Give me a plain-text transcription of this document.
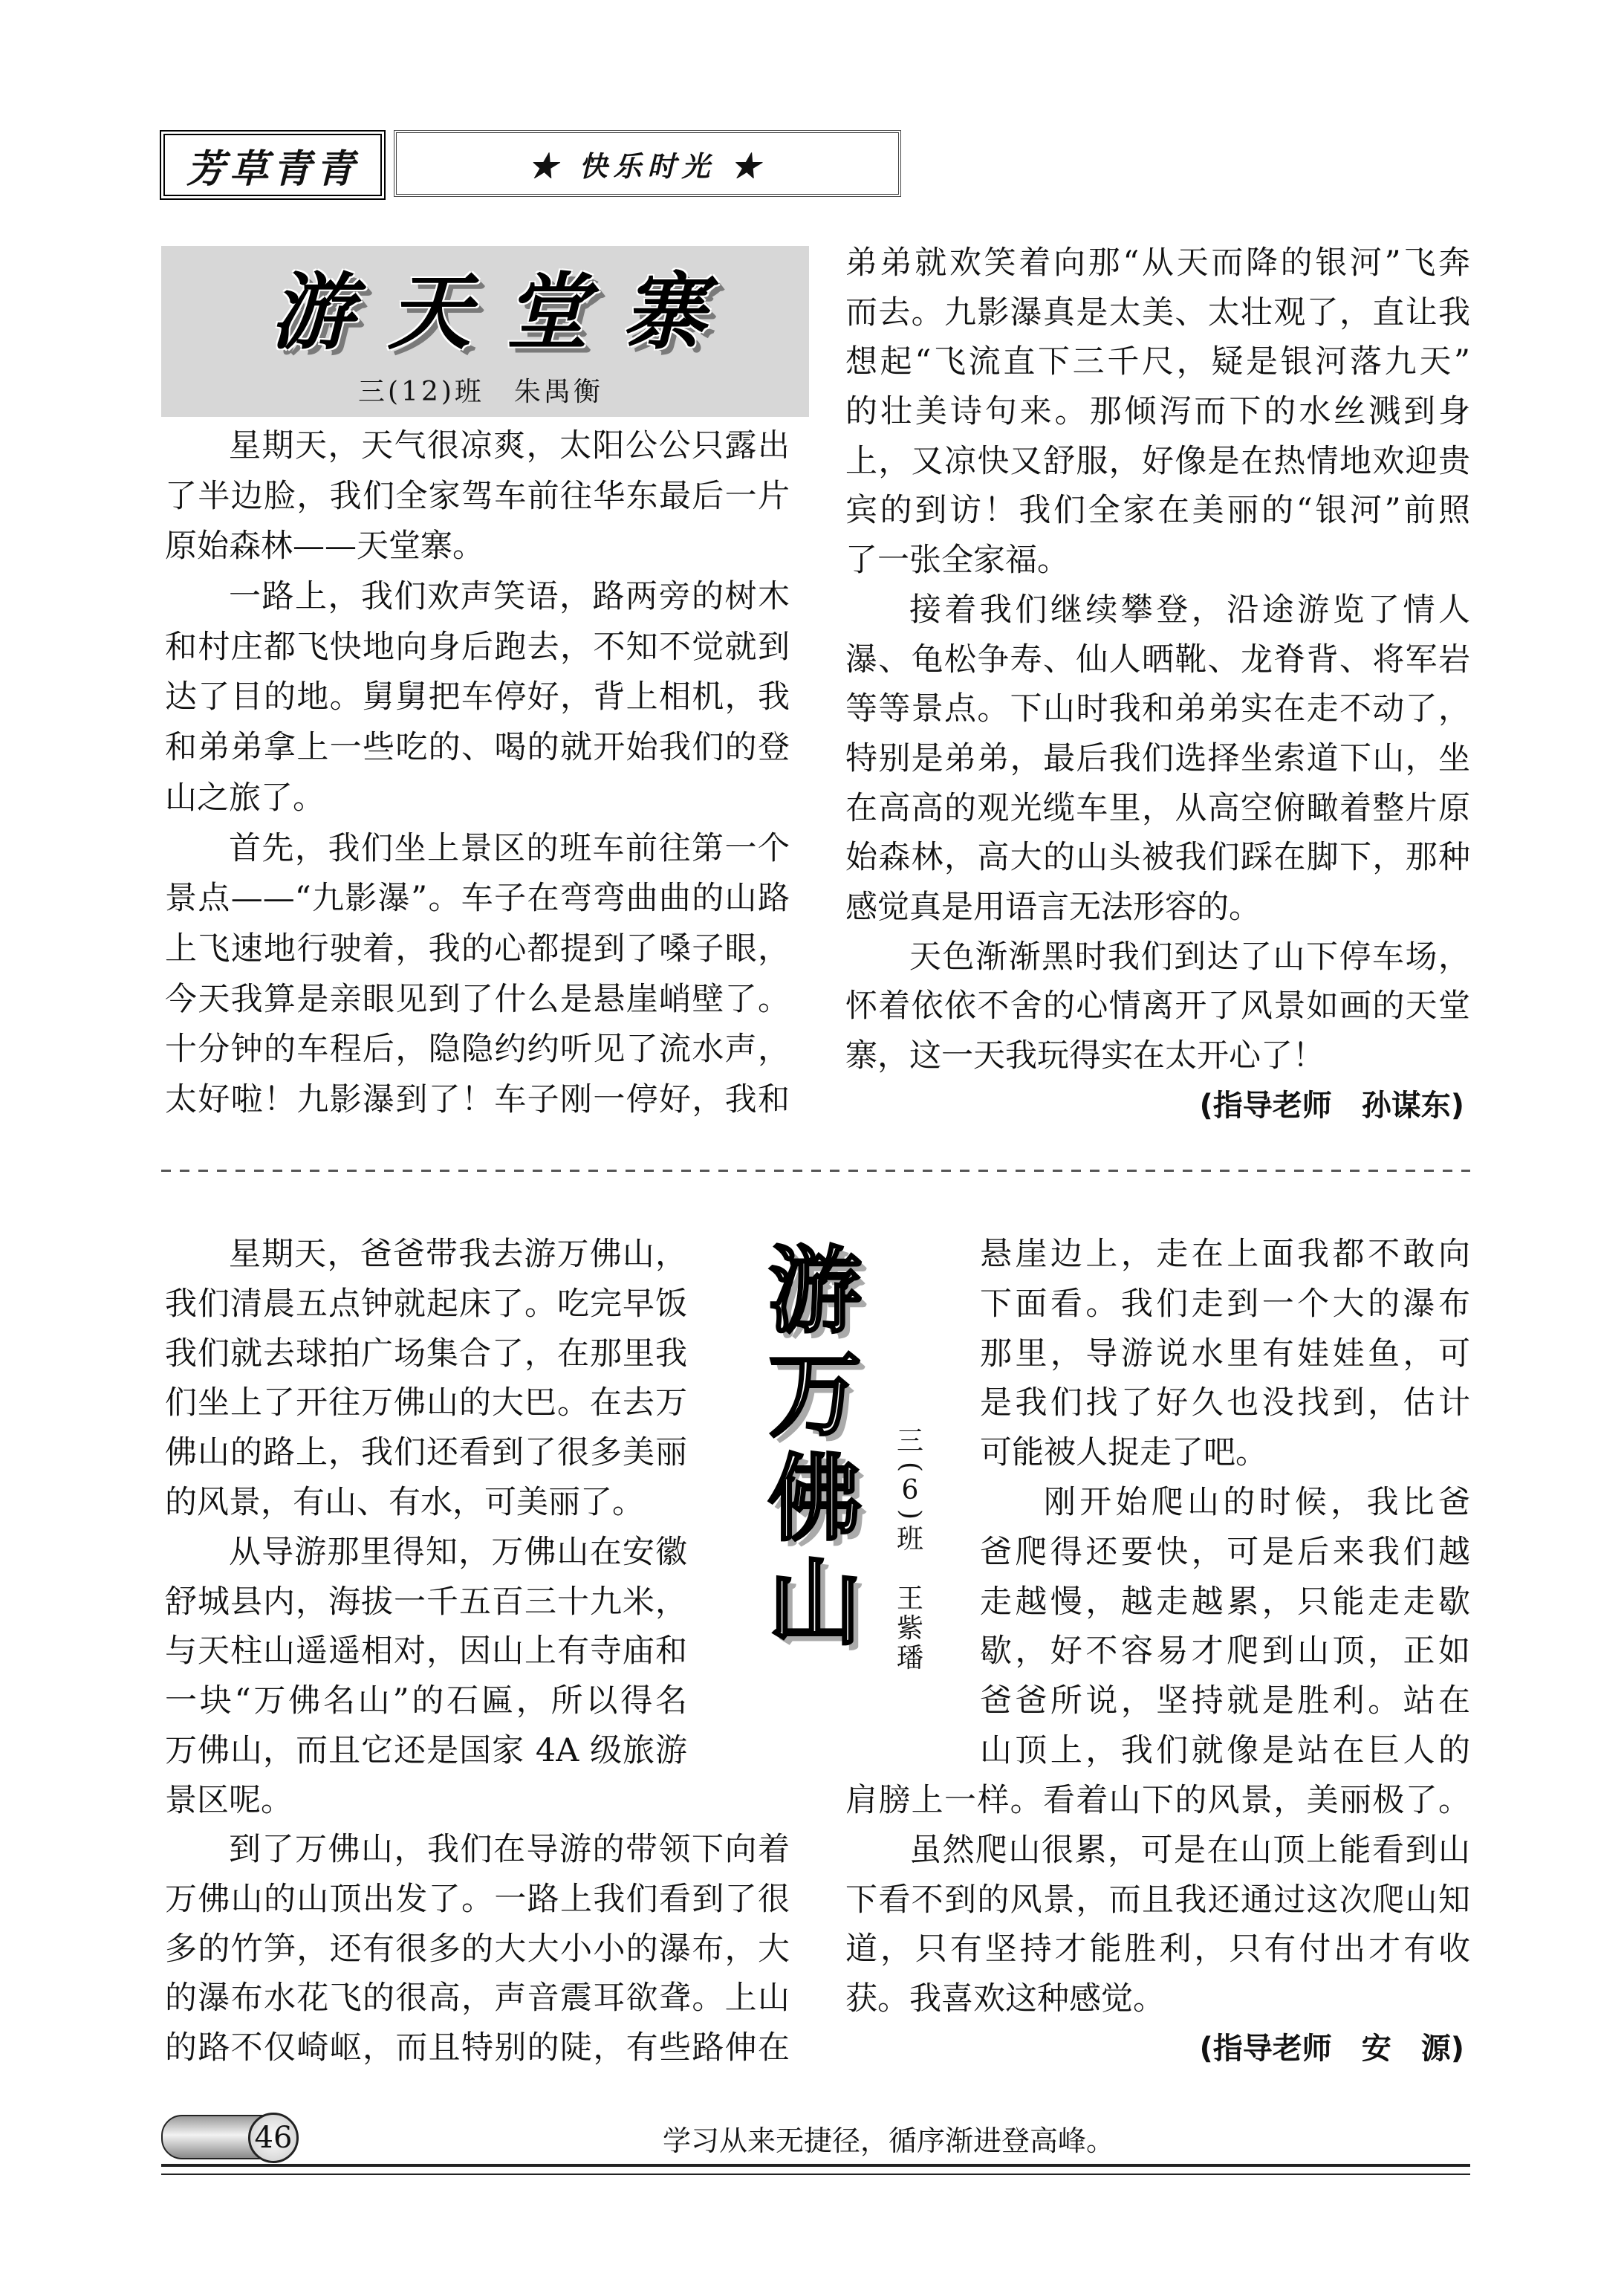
芳草青青	★ 快乐时光 ★
游天堂寨
三(12)班　朱禺衡
星期天，天气很凉爽，太阳公公只露出
了半边脸，我们全家驾车前往华东最后一片
原始森林——天堂寨。
一路上，我们欢声笑语，路两旁的树木
和村庄都飞快地向身后跑去，不知不觉就到
达了目的地。舅舅把车停好，背上相机，我
和弟弟拿上一些吃的、喝的就开始我们的登
山之旅了。
首先，我们坐上景区的班车前往第一个
景点——“九影瀑”。车子在弯弯曲曲的山路
上飞速地行驶着，我的心都提到了嗓子眼，
今天我算是亲眼见到了什么是悬崖峭壁了。
十分钟的车程后，隐隐约约听见了流水声，
太好啦！九影瀑到了！车子刚一停好，我和
弟弟就欢笑着向那“从天而降的银河”飞奔
而去。九影瀑真是太美、太壮观了，直让我
想起“飞流直下三千尺，疑是银河落九天”
的壮美诗句来。那倾泻而下的水丝溅到身
上，又凉快又舒服，好像是在热情地欢迎贵
宾的到访！我们全家在美丽的“银河”前照
了一张全家福。
接着我们继续攀登，沿途游览了情人
瀑、龟松争寿、仙人晒靴、龙脊背、将军岩
等等景点。下山时我和弟弟实在走不动了，
特别是弟弟，最后我们选择坐索道下山，坐
在高高的观光缆车里，从高空俯瞰着整片原
始森林，高大的山头被我们踩在脚下，那种
感觉真是用语言无法形容的。
天色渐渐黑时我们到达了山下停车场，
怀着依依不舍的心情离开了风景如画的天堂
寨，这一天我玩得实在太开心了！
(指导老师　孙谋东)
游
万
佛
山
三
(
6
)
班
王
紫
璠
星期天，爸爸带我去游万佛山，
我们清晨五点钟就起床了。吃完早饭
我们就去球拍广场集合了，在那里我
们坐上了开往万佛山的大巴。在去万
佛山的路上，我们还看到了很多美丽
的风景，有山、有水，可美丽了。
从导游那里得知，万佛山在安徽
舒城县内，海拔一千五百三十九米，
与天柱山遥遥相对，因山上有寺庙和
一块“万佛名山”的石匾，所以得名
万佛山，而且它还是国家 4A 级旅游
景区呢。
到了万佛山，我们在导游的带领下向着
万佛山的山顶出发了。一路上我们看到了很
多的竹笋，还有很多的大大小小的瀑布，大
的瀑布水花飞的很高，声音震耳欲聋。上山
的路不仅崎岖，而且特别的陡，有些路伸在
悬崖边上，走在上面我都不敢向
下面看。我们走到一个大的瀑布
那里，导游说水里有娃娃鱼，可
是我们找了好久也没找到，估计
可能被人捉走了吧。
刚开始爬山的时候，我比爸
爸爬得还要快，可是后来我们越
走越慢，越走越累，只能走走歇
歇，好不容易才爬到山顶，正如
爸爸所说，坚持就是胜利。站在
山顶上，我们就像是站在巨人的
肩膀上一样。看着山下的风景，美丽极了。
虽然爬山很累，可是在山顶上能看到山
下看不到的风景，而且我还通过这次爬山知
道，只有坚持才能胜利，只有付出才有收
获。我喜欢这种感觉。
(指导老师　安　源)
46	学习从来无捷径，循序渐进登高峰。
